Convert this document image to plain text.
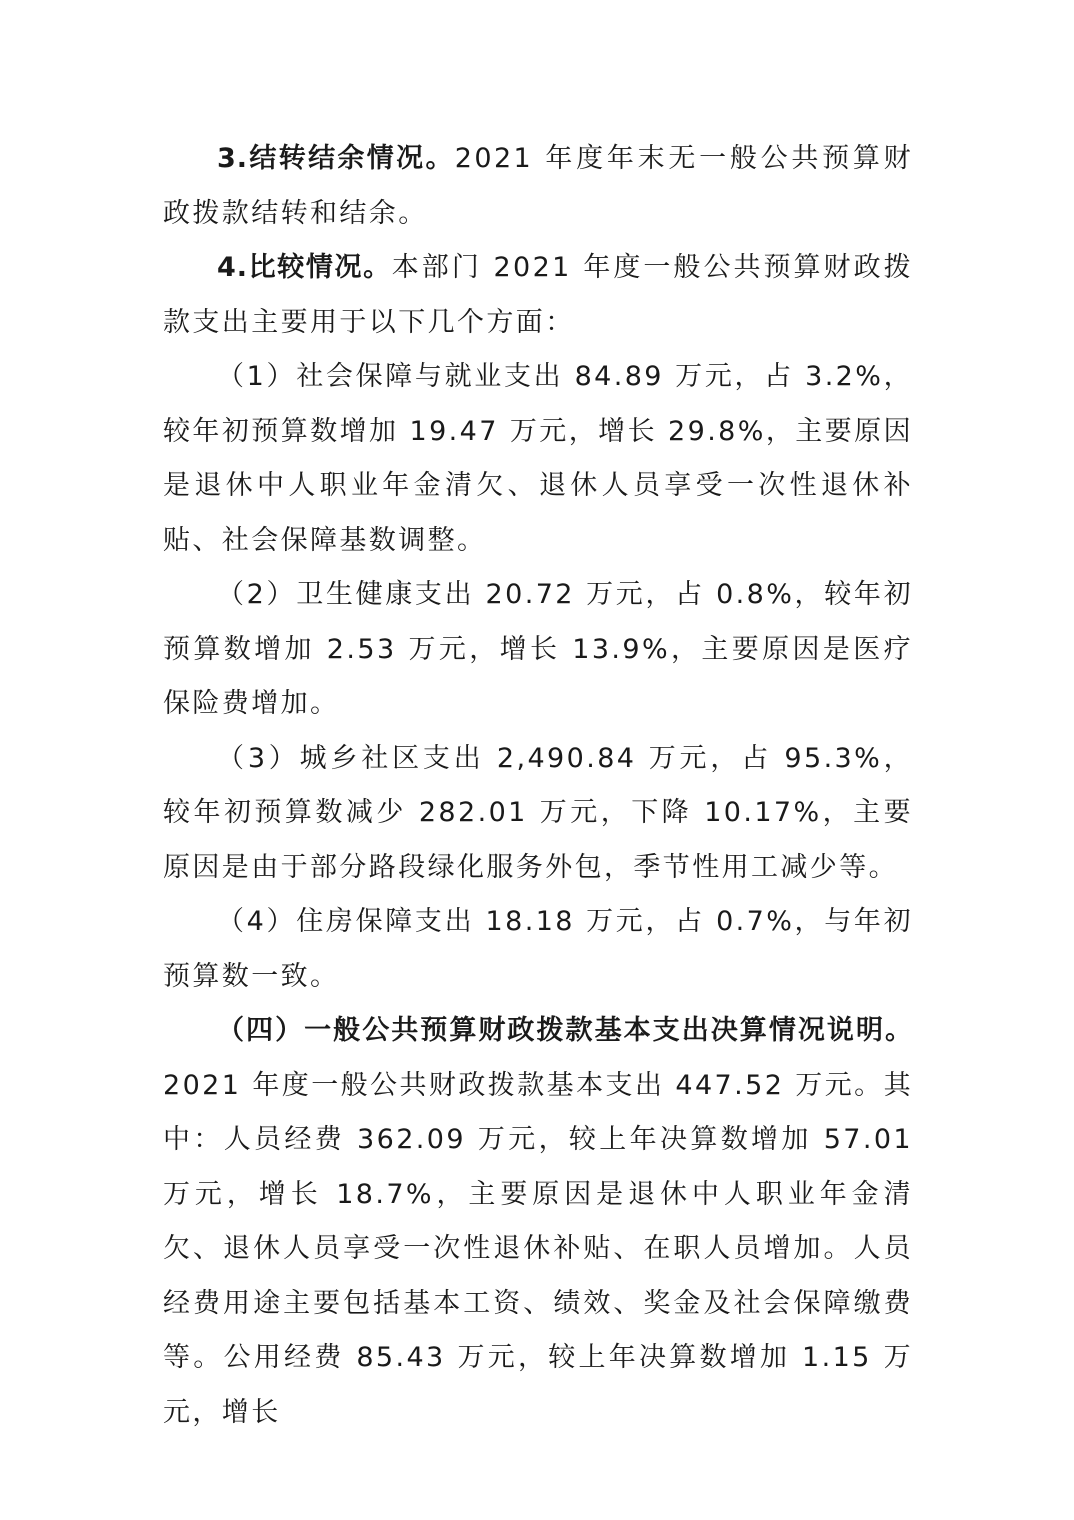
3.结转结余情况。2021 年度年末无一般公共预算财政拨款结转和结余。

4.比较情况。本部门 2021 年度一般公共预算财政拨款支出主要用于以下几个方面：

（1）社会保障与就业支出 84.89 万元，占 3.2%，较年初预算数增加 19.47 万元，增长 29.8%，主要原因是退休中人职业年金清欠、退休人员享受一次性退休补贴、社会保障基数调整。

（2）卫生健康支出 20.72 万元，占 0.8%，较年初预算数增加 2.53 万元，增长 13.9%，主要原因是医疗保险费增加。

（3）城乡社区支出 2,490.84 万元，占 95.3%，较年初预算数减少 282.01 万元，下降 10.17%，主要原因是由于部分路段绿化服务外包，季节性用工减少等。

（4）住房保障支出 18.18 万元，占 0.7%，与年初预算数一致。

（四）一般公共预算财政拨款基本支出决算情况说明。 2021 年度一般公共财政拨款基本支出 447.52 万元。其中：人员经费 362.09 万元，较上年决算数增加 57.01 万元，增长 18.7%，主要原因是退休中人职业年金清欠、退休人员享受一次性退休补贴、在职人员增加。人员经费用途主要包括基本工资、绩效、奖金及社会保障缴费等。公用经费 85.43 万元，较上年决算数增加 1.15 万元，增长
